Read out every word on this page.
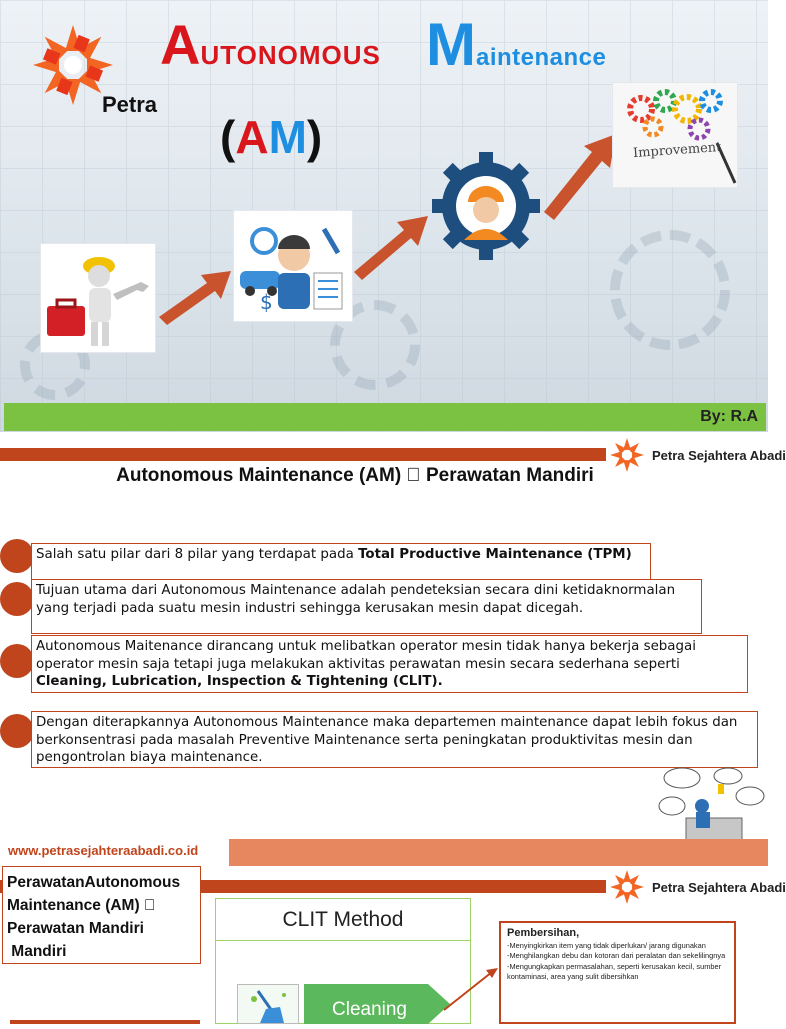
Petra
AUTONOMOUS Maintenance
(AM)
$
Improvement
By: R.A
Petra Sejahtera Abadi
Autonomous Maintenance (AM)   Perawatan Mandiri
Salah satu pilar dari 8 pilar yang terdapat pada Total Productive Maintenance (TPM)
Tujuan utama dari Autonomous Maintenance adalah pendeteksian secara dini ketidaknormalan yang terjadi pada suatu mesin industri sehingga kerusakan mesin dapat dicegah.
Autonomous Maitenance dirancang untuk melibatkan operator mesin tidak hanya bekerja sebagai operator mesin saja tetapi juga melakukan aktivitas perawatan mesin secara sederhana seperti Cleaning, Lubrication, Inspection & Tightening (CLIT).
Dengan diterapkannya Autonomous Maintenance maka departemen maintenance dapat lebih fokus dan berkonsentrasi pada masalah Preventive Maintenance serta peningkatan produktivitas mesin dan pengontrolan biaya maintenance.
www.petrasejahteraabadi.co.id
Petra Sejahtera Abadi
PerawatanAutonomous
Maintenance (AM)  
Perawatan Mandiri
Mandiri
CLIT Method
Cleaning
Pembersihan,
-Menyingkirkan item yang tidak diperlukan/ jarang digunakan
-Menghilangkan debu dan kotoran dari peralatan dan sekelilingnya
-Mengungkapkan permasalahan, seperti kerusakan kecil, sumber kontaminasi, area yang sulit dibersihkan
